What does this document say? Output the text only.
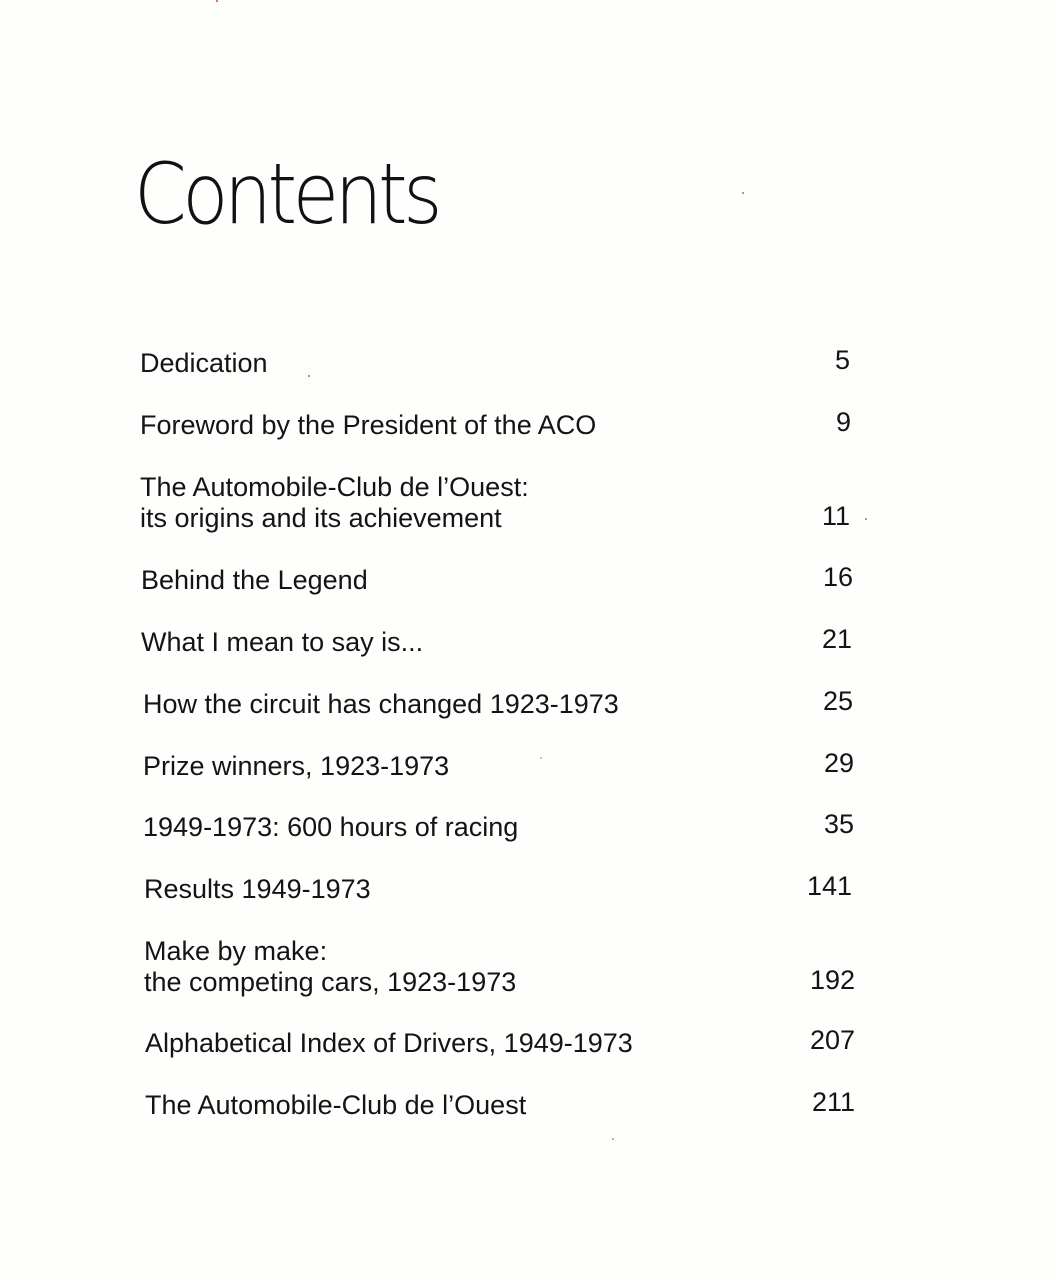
Contents
Dedication	5
Foreword by the President of the ACO	9
The Automobile-Club de l’Ouest:
its origins and its achievement	11
Behind the Legend	16
What I mean to say is...	21
How the circuit has changed 1923-1973	25
Prize winners, 1923-1973	29
1949-1973: 600 hours of racing	35
Results 1949-1973	141
Make by make:
the competing cars, 1923-1973	192
Alphabetical Index of Drivers, 1949-1973	207
The Automobile-Club de l’Ouest	211
